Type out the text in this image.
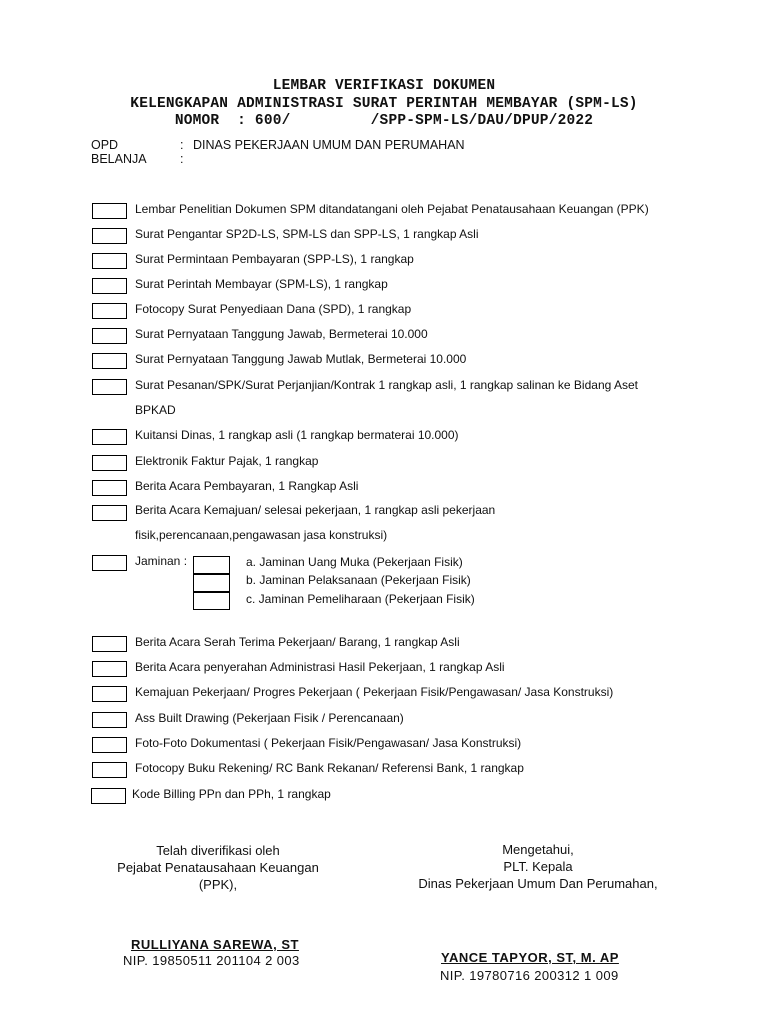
LEMBAR VERIFIKASI DOKUMEN
KELENGKAPAN ADMINISTRASI SURAT PERINTAH MEMBAYAR (SPM-LS)
NOMOR  : 600/         /SPP-SPM-LS/DAU/DPUP/2022
OPD	: DINAS PEKERJAAN UMUM DAN PERUMAHAN
BELANJA	:
Lembar Penelitian Dokumen SPM ditandatangani oleh Pejabat Penatausahaan Keuangan (PPK)
Surat Pengantar SP2D-LS, SPM-LS dan SPP-LS, 1 rangkap Asli
Surat Permintaan Pembayaran (SPP-LS), 1 rangkap
Surat Perintah Membayar (SPM-LS), 1 rangkap
Fotocopy Surat Penyediaan Dana (SPD), 1 rangkap
Surat Pernyataan Tanggung Jawab, Bermeterai 10.000
Surat Pernyataan Tanggung Jawab Mutlak, Bermeterai 10.000
Surat Pesanan/SPK/Surat Perjanjian/Kontrak 1 rangkap asli, 1 rangkap salinan ke Bidang Aset
BPKAD
Kuitansi Dinas, 1 rangkap asli (1 rangkap bermaterai 10.000)
Elektronik Faktur Pajak, 1 rangkap
Berita Acara Pembayaran, 1 Rangkap Asli
Berita Acara Kemajuan/ selesai pekerjaan, 1 rangkap asli pekerjaan
fisik,perencanaan,pengawasan jasa konstruksi)
Jaminan :	a. Jaminan Uang Muka (Pekerjaan Fisik)
b. Jaminan Pelaksanaan (Pekerjaan Fisik)
c. Jaminan Pemeliharaan (Pekerjaan Fisik)
Berita Acara Serah Terima Pekerjaan/ Barang, 1 rangkap Asli
Berita Acara penyerahan Administrasi Hasil Pekerjaan, 1 rangkap Asli
Kemajuan Pekerjaan/ Progres Pekerjaan ( Pekerjaan Fisik/Pengawasan/ Jasa Konstruksi)
Ass Built Drawing (Pekerjaan Fisik / Perencanaan)
Foto-Foto Dokumentasi ( Pekerjaan Fisik/Pengawasan/ Jasa Konstruksi)
Fotocopy Buku Rekening/ RC Bank Rekanan/ Referensi Bank, 1 rangkap
Kode Billing PPn dan PPh, 1 rangkap
Telah diverifikasi oleh
Pejabat Penatausahaan Keuangan
(PPK),
RULLIYANA SAREWA, ST
NIP. 19850511 201104 2 003
Mengetahui,
PLT. Kepala
Dinas Pekerjaan Umum Dan Perumahan,
YANCE TAPYOR, ST, M. AP
NIP. 19780716 200312 1 009
